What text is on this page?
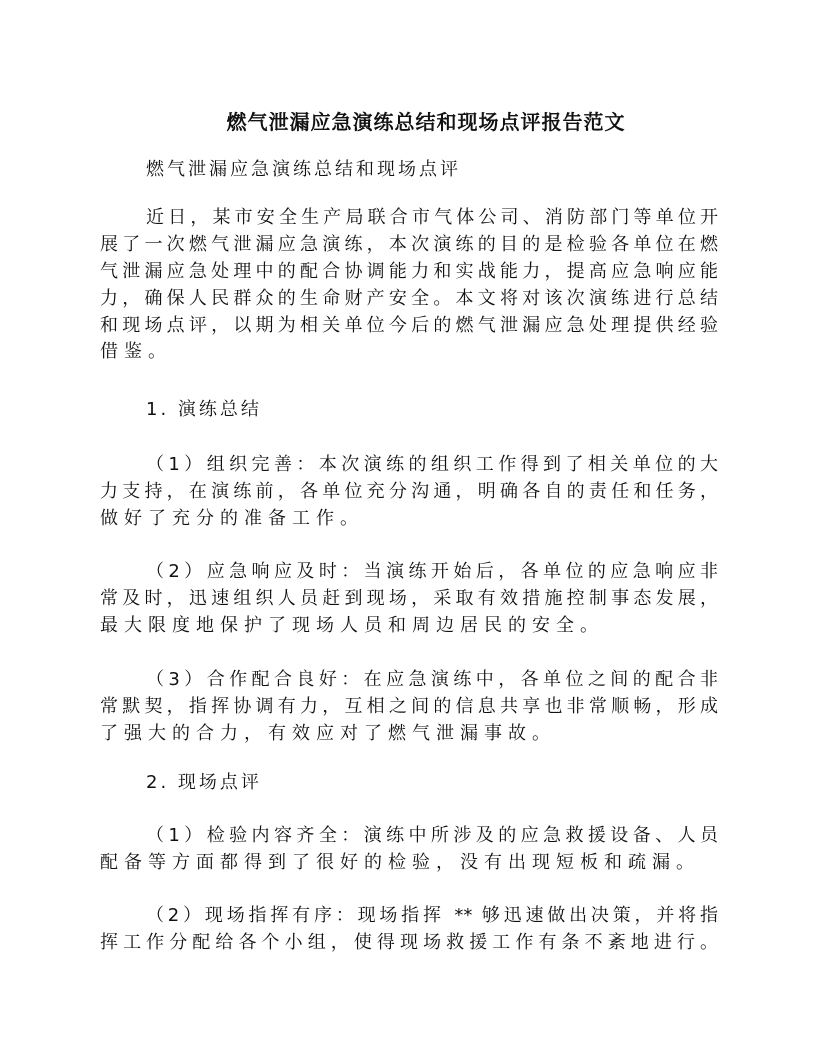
燃气泄漏应急演练总结和现场点评报告范文
燃气泄漏应急演练总结和现场点评
近日，某市安全生产局联合市气体公司、消防部门等单位开
展了一次燃气泄漏应急演练，本次演练的目的是检验各单位在燃
气泄漏应急处理中的配合协调能力和实战能力，提高应急响应能
力，确保人民群众的生命财产安全。本文将对该次演练进行总结
和现场点评，以期为相关单位今后的燃气泄漏应急处理提供经验
借鉴。
1. 演练总结
（1）组织完善：本次演练的组织工作得到了相关单位的大
力支持，在演练前，各单位充分沟通，明确各自的责任和任务，
做好了充分的准备工作。
（2）应急响应及时：当演练开始后，各单位的应急响应非
常及时，迅速组织人员赶到现场，采取有效措施控制事态发展，
最大限度地保护了现场人员和周边居民的安全。
（3）合作配合良好：在应急演练中，各单位之间的配合非
常默契，指挥协调有力，互相之间的信息共享也非常顺畅，形成
了强大的合力，有效应对了燃气泄漏事故。
2. 现场点评
（1）检验内容齐全：演练中所涉及的应急救援设备、人员
配备等方面都得到了很好的检验，没有出现短板和疏漏。
（2）现场指挥有序：现场指挥 ** 够迅速做出决策，并将指
挥工作分配给各个小组，使得现场救援工作有条不紊地进行。
